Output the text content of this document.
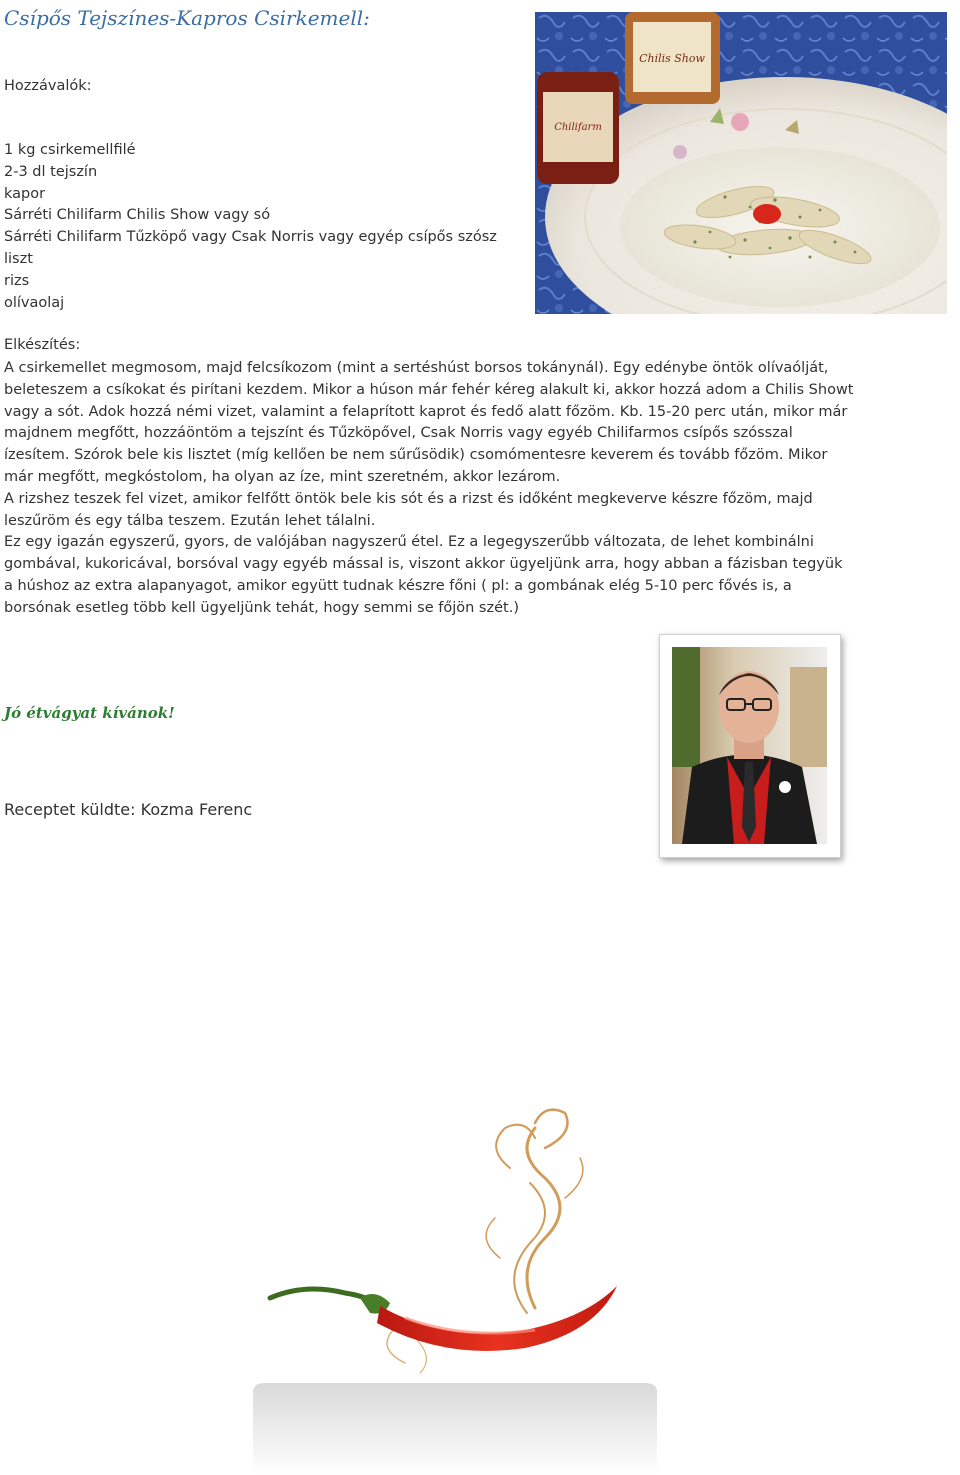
Csípős Tejszínes-Kapros Csirkemell:
Hozzávalók:
1 kg csirkemellfilé
2-3 dl tejszín
kapor
Sárréti Chilifarm Chilis Show vagy só
Sárréti Chilifarm Tűzköpő vagy Csak Norris vagy egyép csípős szósz
liszt
rizs
olívaolaj
Elkészítés:

A csirkemellet megmosom, majd felcsíkozom (mint a sertéshúst borsos tokánynál). Egy edénybe öntök olívaólját, beleteszem a csíkokat és pirítani kezdem. Mikor a húson már fehér kéreg alakult ki, akkor hozzá adom a Chilis Showt vagy a sót. Adok hozzá némi vizet, valamint a felaprított kaprot és fedő alatt főzöm. Kb. 15-20 perc után, mikor már majdnem megfőtt, hozzáöntöm a tejszínt és Tűzköpővel, Csak Norris vagy egyéb Chilifarmos csípős szósszal ízesítem. Szórok bele kis lisztet (míg kellően be nem sűrűsödik) csomómentesre keverem és tovább főzöm. Mikor már megfőtt, megkóstolom, ha olyan az íze, mint szeretném, akkor lezárom.

A rizshez teszek fel vizet, amikor felfőtt öntök bele kis sót és a rizst és időként megkeverve készre főzöm, majd leszűröm és egy tálba teszem. Ezután lehet tálalni.

Ez egy igazán egyszerű, gyors, de valójában nagyszerű étel. Ez a legegyszerűbb változata, de lehet kombinálni gombával, kukoricával, borsóval vagy egyéb mással is, viszont akkor ügyeljünk arra, hogy abban a fázisban tegyük a húshoz az extra alapanyagot, amikor együtt tudnak készre főni ( pl: a gombának elég 5-10 perc fővés is, a borsónak esetleg több kell ügyeljünk tehát, hogy semmi se főjön szét.)

Jó étvágyat kívánok!
Receptet küldte: Kozma Ferenc
Chilis Show
Chilifarm
